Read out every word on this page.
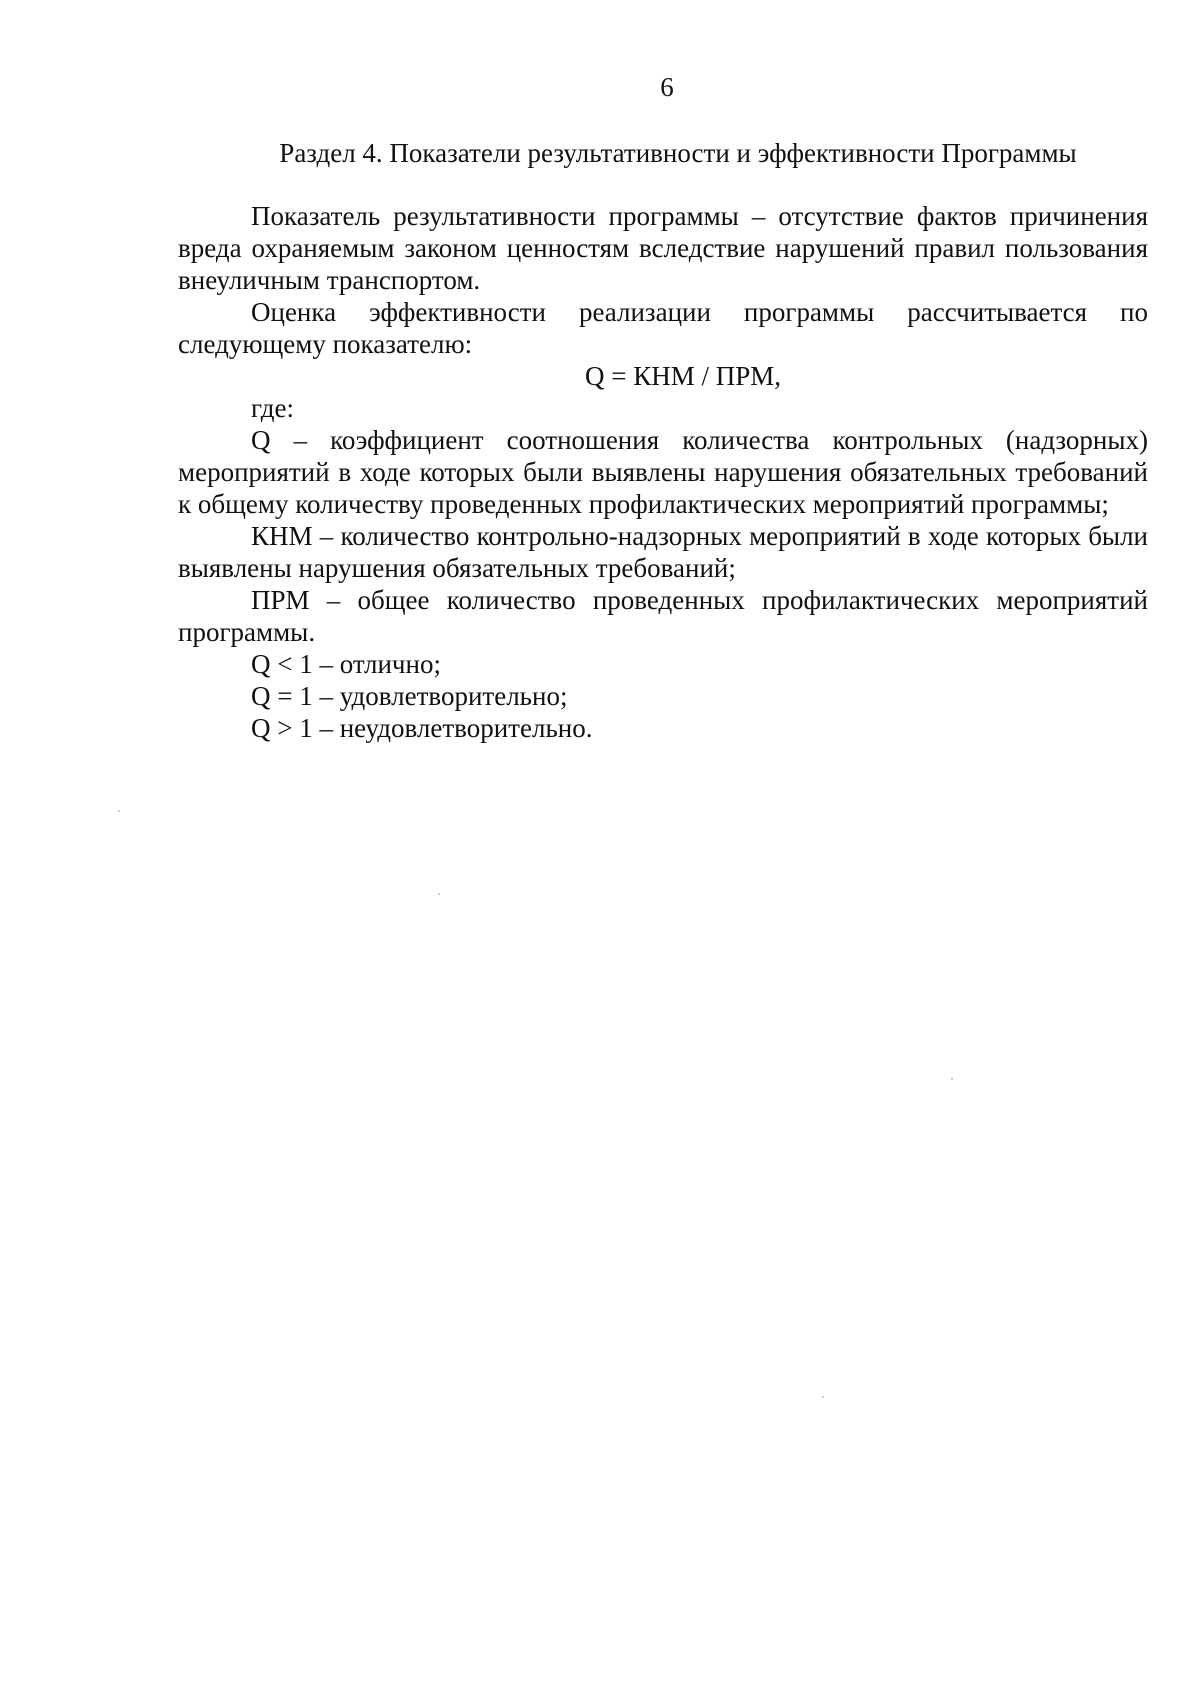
6
Раздел 4. Показатели результативности и эффективности Программы

Показатель результативности программы – отсутствие фактов причинения вреда охраняемым законом ценностям вследствие нарушений правил пользования внеуличным транспортом.

Оценка эффективности реализации программы рассчитывается по следующему показателю:

Q = КНМ / ПРМ,

где:

Q – коэффициент соотношения количества контрольных (надзорных) мероприятий в ходе которых были выявлены нарушения обязательных требований к общему количеству проведенных профилактических мероприятий программы;

КНМ – количество контрольно-надзорных мероприятий в ходе которых были выявлены нарушения обязательных требований;

ПРМ – общее количество проведенных профилактических мероприятий программы.

Q < 1 – отлично;

Q = 1 – удовлетворительно;

Q > 1 – неудовлетворительно.
